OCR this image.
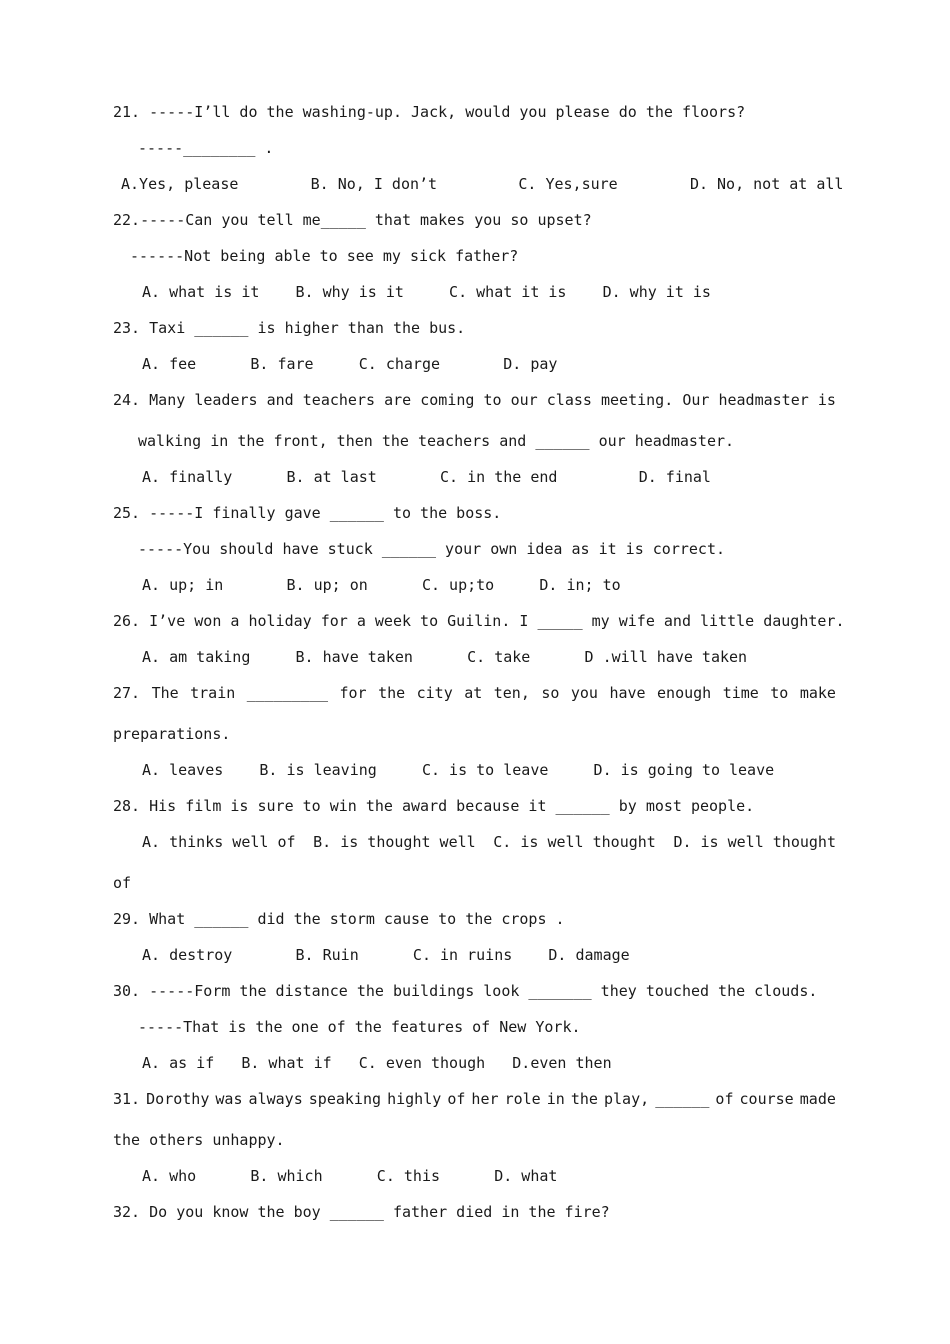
21. -----I’ll do the washing-up. Jack, would you please do the floors?
-----________ .
A.Yes, please        B. No, I don’t         C. Yes,sure        D. No, not at all
22.-----Can you tell me_____ that makes you so upset?
------Not being able to see my sick father?
A. what is it    B. why is it     C. what it is    D. why it is
23. Taxi ______ is higher than the bus.
A. fee      B. fare     C. charge       D. pay
24. Many leaders and teachers are coming to our class meeting. Our headmaster is
walking in the front, then the teachers and ______ our headmaster.
A. finally      B. at last       C. in the end         D. final
25. -----I finally gave ______ to the boss.
-----You should have stuck ______ your own idea as it is correct.
A. up; in       B. up; on      C. up;to     D. in; to
26. I’ve won a holiday for a week to Guilin. I _____ my wife and little daughter.
A. am taking     B. have taken      C. take      D .will have taken
27. The train _________ for the city at ten, so you have enough time to make
preparations.
A. leaves    B. is leaving     C. is to leave     D. is going to leave
28. His film is sure to win the award because it ______ by most people.
A. thinks well of B. is thought well C. is well thought D. is well thought
of
29. What ______ did the storm cause to the crops .
A. destroy       B. Ruin      C. in ruins    D. damage
30. -----Form the distance the buildings look _______ they touched the clouds.
-----That is the one of the features of New York.
A. as if   B. what if   C. even though   D.even then
31. Dorothy was always speaking highly of her role in the play, ______ of course made
the others unhappy.
A. who      B. which      C. this      D. what
32. Do you know the boy ______ father died in the fire?
